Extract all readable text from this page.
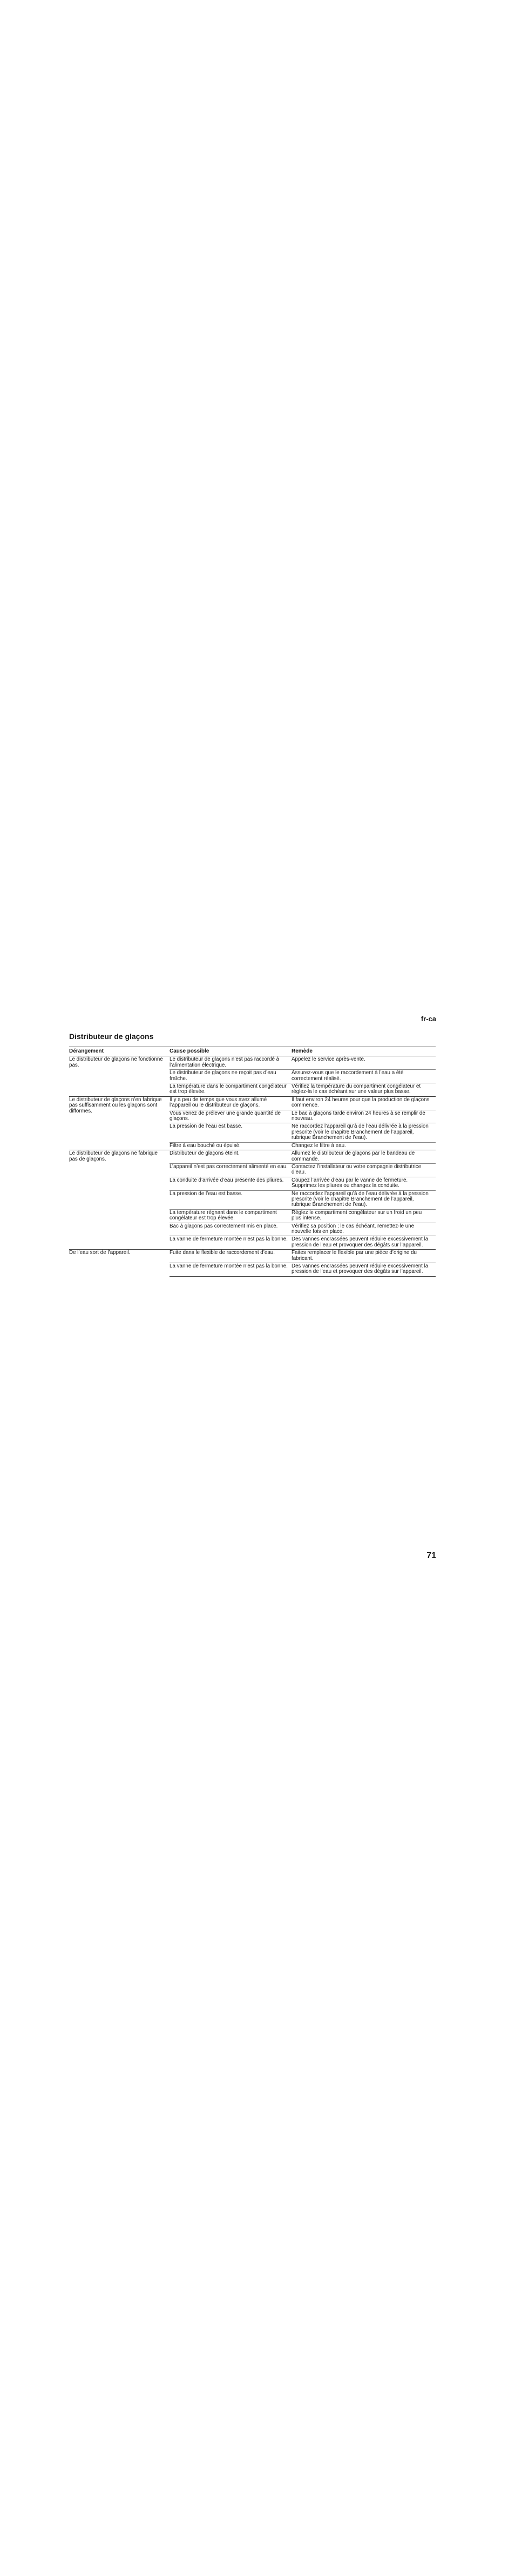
fr-ca
Distributeur de glaçons
Dérangement	Cause possible	Remède
Le distributeur de glaçons ne fonctionne pas.	Le distributeur de glaçons n’est pas raccordé à l’alimentation électrique.	Appelez le service après-vente.
	Le distributeur de glaçons ne reçoit pas d’eau fraîche.	Assurez-vous que le raccordement à l’eau a été correctement réalisé.
	La température dans le compartiment congélateur est trop élevée.	Vérifiez la température du compartiment congélateur et réglez-la le cas échéant sur une valeur plus basse.
Le distributeur de glaçons n’en fabrique pas suffisamment ou les glaçons sont difformes.	Il y a peu de temps que vous avez allumé l’appareil ou le distributeur de glaçons.	Il faut environ 24 heures pour que la production de glaçons commence.
	Vous venez de prélever une grande quantité de glaçons.	Le bac à glaçons tarde environ 24 heures à se remplir de nouveau.
	La pression de l’eau est basse.	Ne raccordez l’appareil qu’à de l’eau délivrée à la pression prescrite (voir le chapitre Branchement de l’appareil, rubrique Branchement de l’eau).
	Filtre à eau bouché ou épuisé.	Changez le filtre à eau.
Le distributeur de glaçons ne fabrique pas de glaçons.	Distributeur de glaçons éteint.	Allumez le distributeur de glaçons par le bandeau de commande.
	L’appareil n’est pas correctement alimenté en eau.	Contactez l’installateur ou votre compagnie distributrice d’eau.
	La conduite d’arrivée d’eau présente des pliures.	Coupez l’arrivée d’eau par le vanne de fermeture. Supprimez les pliures ou changez la conduite.
	La pression de l’eau est basse.	Ne raccordez l’appareil qu’à de l’eau délivrée à la pression prescrite (voir le chapitre Branchement de l’appareil, rubrique Branchement de l’eau).
	La température régnant dans le compartiment congélateur est trop élevée.	Réglez le compartiment congélateur sur un froid un peu plus intense.
	Bac à glaçons pas correctement mis en place.	Vérifiez sa position ; le cas échéant, remettez-le une nouvelle fois en place.
	La vanne de fermeture montée n’est pas la bonne.	Des vannes encrassées peuvent réduire excessivement la pression de l’eau et provoquer des dégâts sur l’appareil.
De l’eau sort de l’appareil.	Fuite dans le flexible de raccordement d’eau.	Faites remplacer le flexible par une pièce d’origine du fabricant.
	La vanne de fermeture montée n’est pas la bonne.	Des vannes encrassées peuvent réduire excessivement la pression de l’eau et provoquer des dégâts sur l’appareil.
71
